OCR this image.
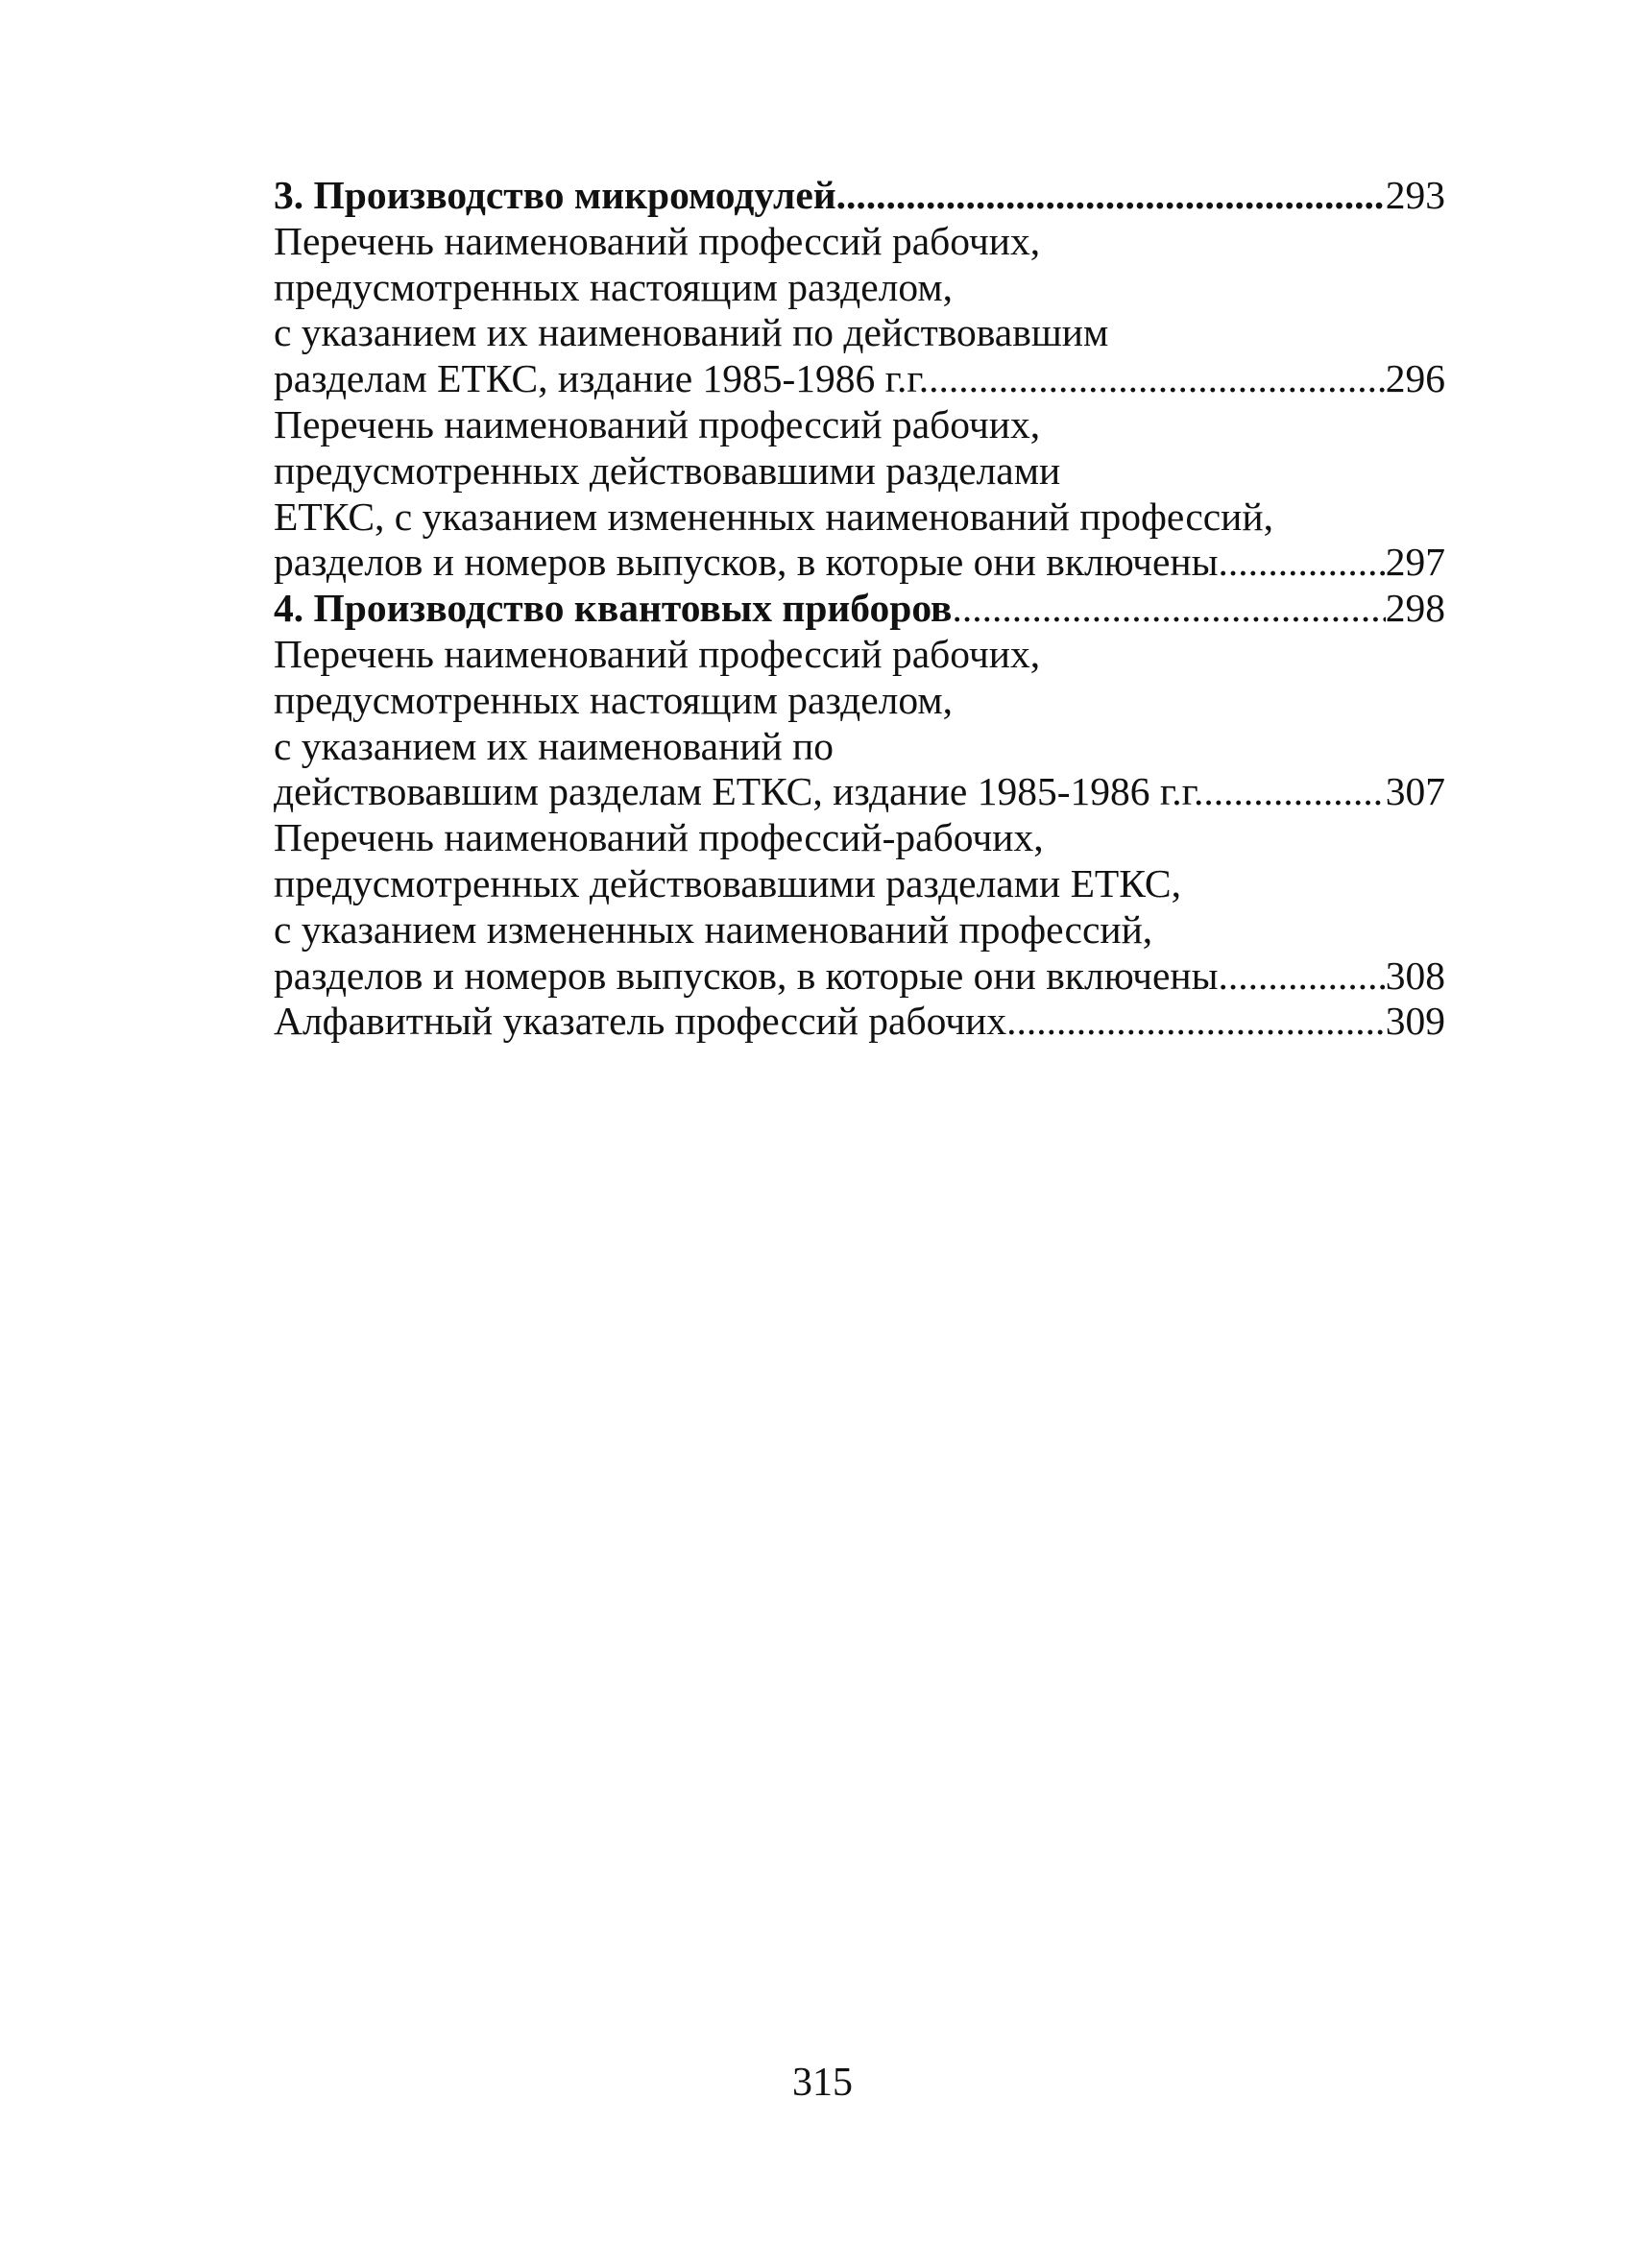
3. Производство микромодулей .....	293
Перечень наименований профессий рабочих,
предусмотренных настоящим разделом,
с указанием их наименований по действовавшим
разделам ЕТКС, издание 1985-1986 г.г. .....	296
Перечень наименований профессий рабочих,
предусмотренных действовавшими разделами
ЕТКС, с указанием измененных наименований профессий,
разделов и номеров выпусков, в которые они включены .....	297
4. Производство квантовых приборов .....	298
Перечень наименований профессий рабочих,
предусмотренных настоящим разделом,
с указанием их наименований по
действовавшим разделам ЕТКС, издание 1985-1986 г.г. .....	307
Перечень наименований профессий-рабочих,
предусмотренных действовавшими разделами ЕТКС,
с указанием измененных наименований профессий,
разделов и номеров выпусков, в которые они включены .....	308
Алфавитный указатель профессий рабочих .....	309
315
